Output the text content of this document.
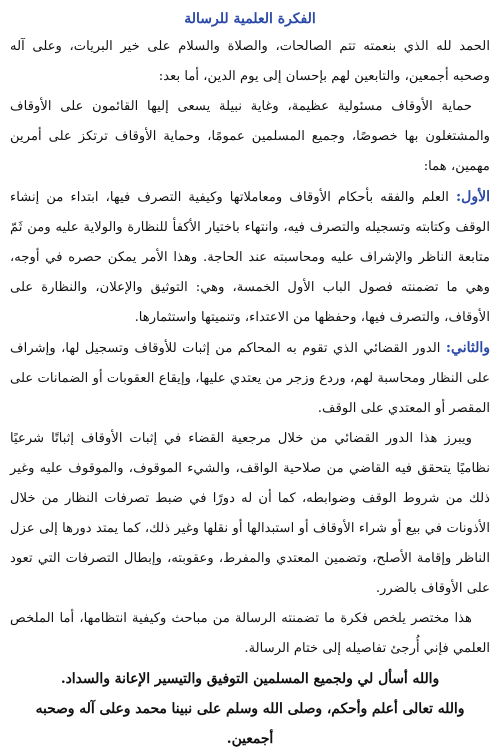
الفكرة العلمية للرسالة

الحمد لله الذي بنعمته تتم الصالحات، والصلاة والسلام على خير البريات، وعلى آله وصحبه أجمعين، والتابعين لهم بإحسان إلى يوم الدين، أما بعد:

حماية الأوقاف مسئولية عظيمة، وغاية نبيلة يسعى إليها القائمون على الأوقاف والمشتغلون بها خصوصًا، وجميع المسلمين عمومًا، وحماية الأوقاف ترتكز على أمرين مهمين، هما:

الأول: العلم والفقه بأحكام الأوقاف ومعاملاتها وكيفية التصرف فيها، ابتداء من إنشاء الوقف وكتابته وتسجيله والتصرف فيه، وانتهاء باختيار الأكفأ للنظارة والولاية عليه ومن ثَمّ متابعة الناظر والإشراف عليه ومحاسبته عند الحاجة. وهذا الأمر يمكن حصره في أوجه، وهي ما تضمنته فصول الباب الأول الخمسة، وهي: التوثيق والإعلان، والنظارة على الأوقاف، والتصرف فيها، وحفظها من الاعتداء، وتنميتها واستثمارها.

والثاني: الدور القضائي الذي تقوم به المحاكم من إثبات للأوقاف وتسجيل لها، وإشراف على النظار ومحاسبة لهم، وردع وزجر من يعتدي عليها، وإيقاع العقوبات أو الضمانات على المقصر أو المعتدي على الوقف.

ويبرز هذا الدور القضائي من خلال مرجعية القضاء في إثبات الأوقاف إثباتًا شرعيًا نظاميًا يتحقق فيه القاضي من صلاحية الواقف، والشيء الموقوف، والموقوف عليه وغير ذلك من شروط الوقف وضوابطه، كما أن له دورًا في ضبط تصرفات النظار من خلال الأذونات في بيع أو شراء الأوقاف أو استبدالها أو نقلها وغير ذلك، كما يمتد دورها إلى عزل الناظر وإقامة الأصلح، وتضمين المعتدي والمفرط، وعقوبته، وإبطال التصرفات التي تعود على الأوقاف بالضرر.

هذا مختصر يلخص فكرة ما تضمنته الرسالة من مباحث وكيفية انتظامها، أما الملخص العلمي فإني أُرجئ تفاصيله إلى ختام الرسالة.

والله أسأل لي ولجميع المسلمين التوفيق والتيسير الإعانة والسداد.

والله تعالى أعلم وأحكم، وصلى الله وسلم على نبينا محمد وعلى آله وصحبه أجمعين.
